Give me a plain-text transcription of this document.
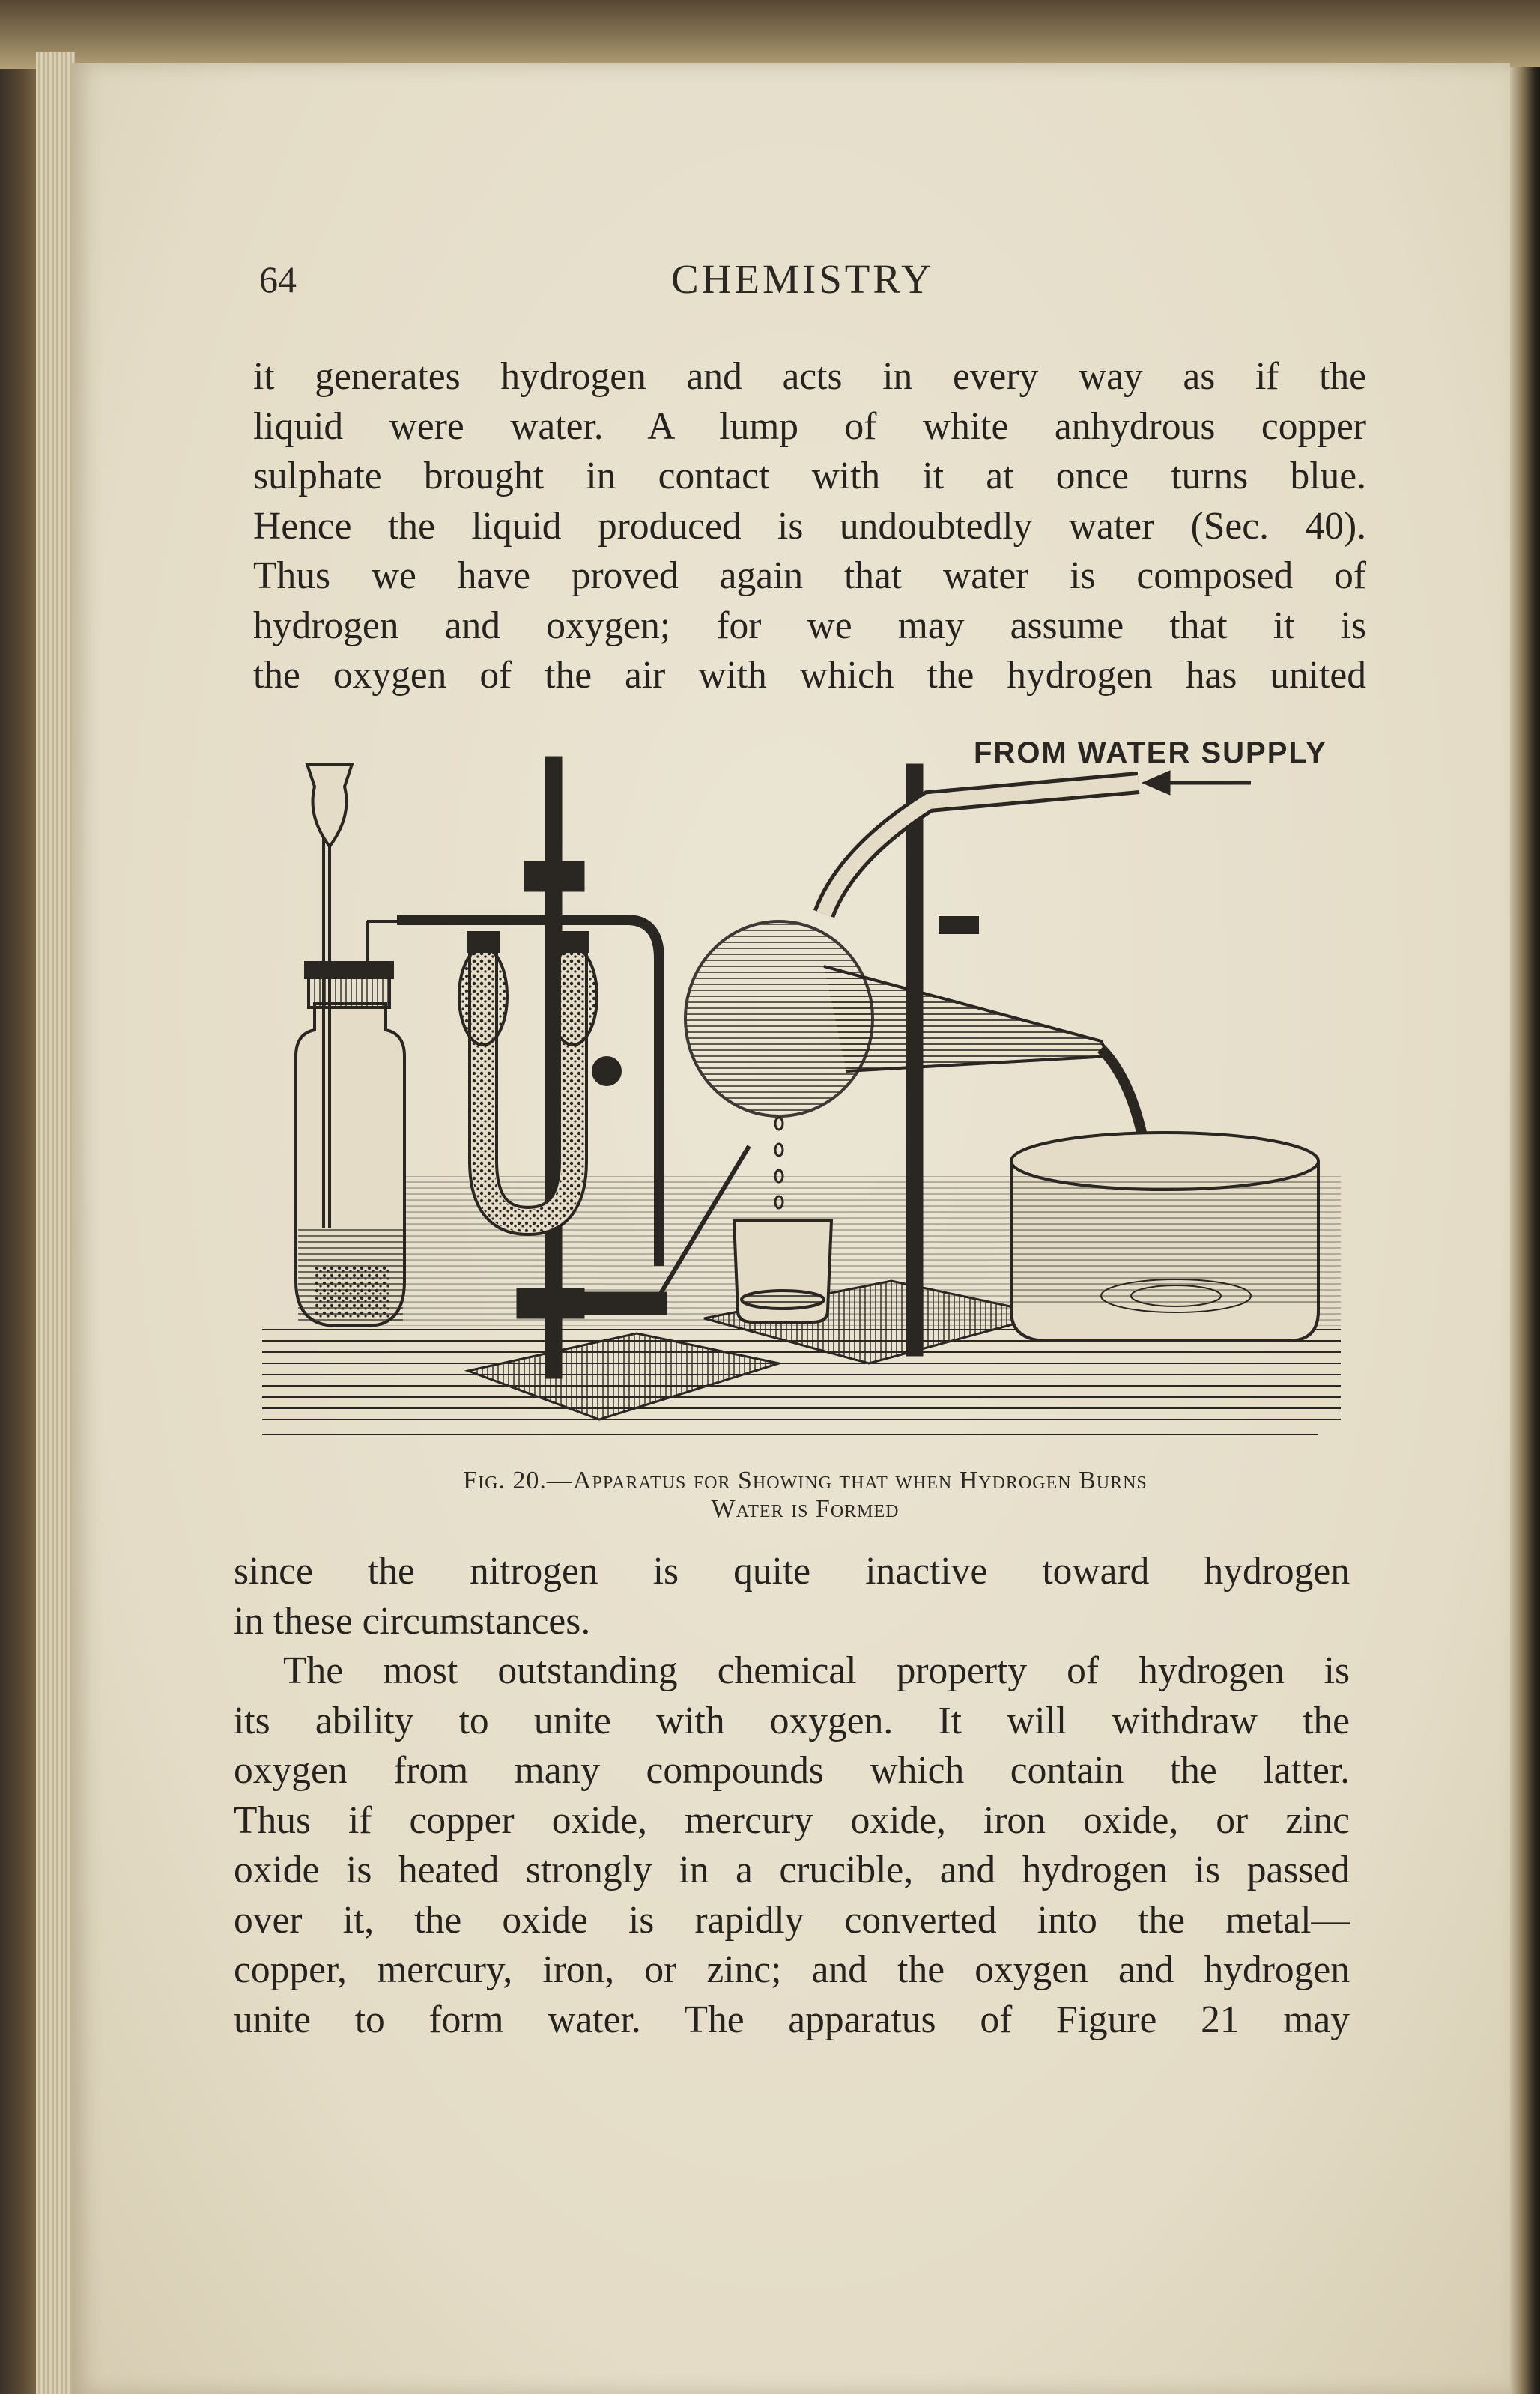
64	CHEMISTRY
it generates hydrogen and acts in every way as if the
liquid were water. A lump of white anhydrous copper
sulphate brought in contact with it at once turns blue.
Hence the liquid produced is undoubtedly water (Sec. 40).
Thus we have proved again that water is composed of
hydrogen and oxygen; for we may assume that it is
the oxygen of the air with which the hydrogen has united
FROM WATER SUPPLY
Fig. 20.—Apparatus for Showing that when Hydrogen Burns
Water is Formed
since the nitrogen is quite inactive toward hydrogen
in these circumstances.
The most outstanding chemical property of hydrogen is
its ability to unite with oxygen. It will withdraw the
oxygen from many compounds which contain the latter.
Thus if copper oxide, mercury oxide, iron oxide, or zinc
oxide is heated strongly in a crucible, and hydrogen is passed
over it, the oxide is rapidly converted into the metal—
copper, mercury, iron, or zinc; and the oxygen and hydrogen
unite to form water. The apparatus of Figure 21 may
